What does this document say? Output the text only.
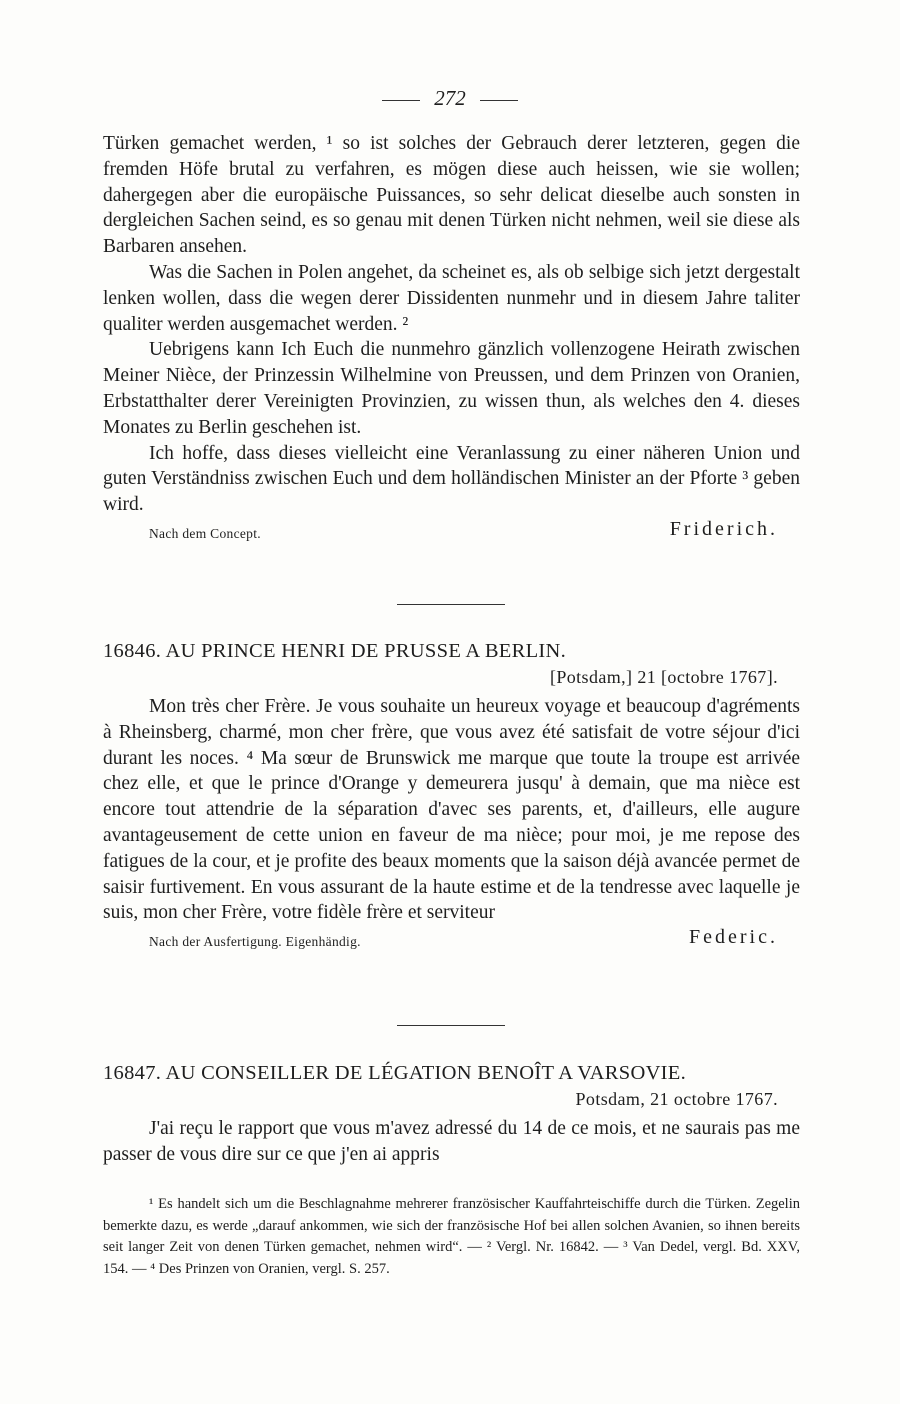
272

Türken gemachet werden, ¹ so ist solches der Gebrauch derer letzteren, gegen die fremden Höfe brutal zu verfahren, es mögen diese auch heissen, wie sie wollen; dahergegen aber die europäische Puissances, so sehr delicat dieselbe auch sonsten in dergleichen Sachen seind, es so genau mit denen Türken nicht nehmen, weil sie diese als Barbaren ansehen.

Was die Sachen in Polen angehet, da scheinet es, als ob selbige sich jetzt dergestalt lenken wollen, dass die wegen derer Dissidenten nunmehr und in diesem Jahre taliter qualiter werden ausgemachet werden. ²

Uebrigens kann Ich Euch die nunmehro gänzlich vollenzogene Heirath zwischen Meiner Nièce, der Prinzessin Wilhelmine von Preussen, und dem Prinzen von Oranien, Erbstatthalter derer Vereinigten Provinzien, zu wissen thun, als welches den 4. dieses Monates zu Berlin geschehen ist.

Ich hoffe, dass dieses vielleicht eine Veranlassung zu einer näheren Union und guten Verständniss zwischen Euch und dem holländischen Minister an der Pforte ³ geben wird.

Nach dem Concept.	Friderich.

16846. AU PRINCE HENRI DE PRUSSE A BERLIN.

[Potsdam,] 21 [octobre 1767].

Mon très cher Frère. Je vous souhaite un heureux voyage et beaucoup d'agréments à Rheinsberg, charmé, mon cher frère, que vous avez été satisfait de votre séjour d'ici durant les noces. ⁴ Ma sœur de Brunswick me marque que toute la troupe est arrivée chez elle, et que le prince d'Orange y demeurera jusqu' à demain, que ma nièce est encore tout attendrie de la séparation d'avec ses parents, et, d'ailleurs, elle augure avantageusement de cette union en faveur de ma nièce; pour moi, je me repose des fatigues de la cour, et je profite des beaux moments que la saison déjà avancée permet de saisir furtivement. En vous assurant de la haute estime et de la tendresse avec laquelle je suis, mon cher Frère, votre fidèle frère et serviteur

Nach der Ausfertigung. Eigenhändig.	Federic.

16847. AU CONSEILLER DE LÉGATION BENOÎT A VARSOVIE.

Potsdam, 21 octobre 1767.

J'ai reçu le rapport que vous m'avez adressé du 14 de ce mois, et ne saurais pas me passer de vous dire sur ce que j'en ai appris

¹ Es handelt sich um die Beschlagnahme mehrerer französischer Kauffahrteischiffe durch die Türken. Zegelin bemerkte dazu, es werde „darauf ankommen, wie sich der französische Hof bei allen solchen Avanien, so ihnen bereits seit langer Zeit von denen Türken gemachet, nehmen wird“. — ² Vergl. Nr. 16842. — ³ Van Dedel, vergl. Bd. XXV, 154. — ⁴ Des Prinzen von Oranien, vergl. S. 257.
